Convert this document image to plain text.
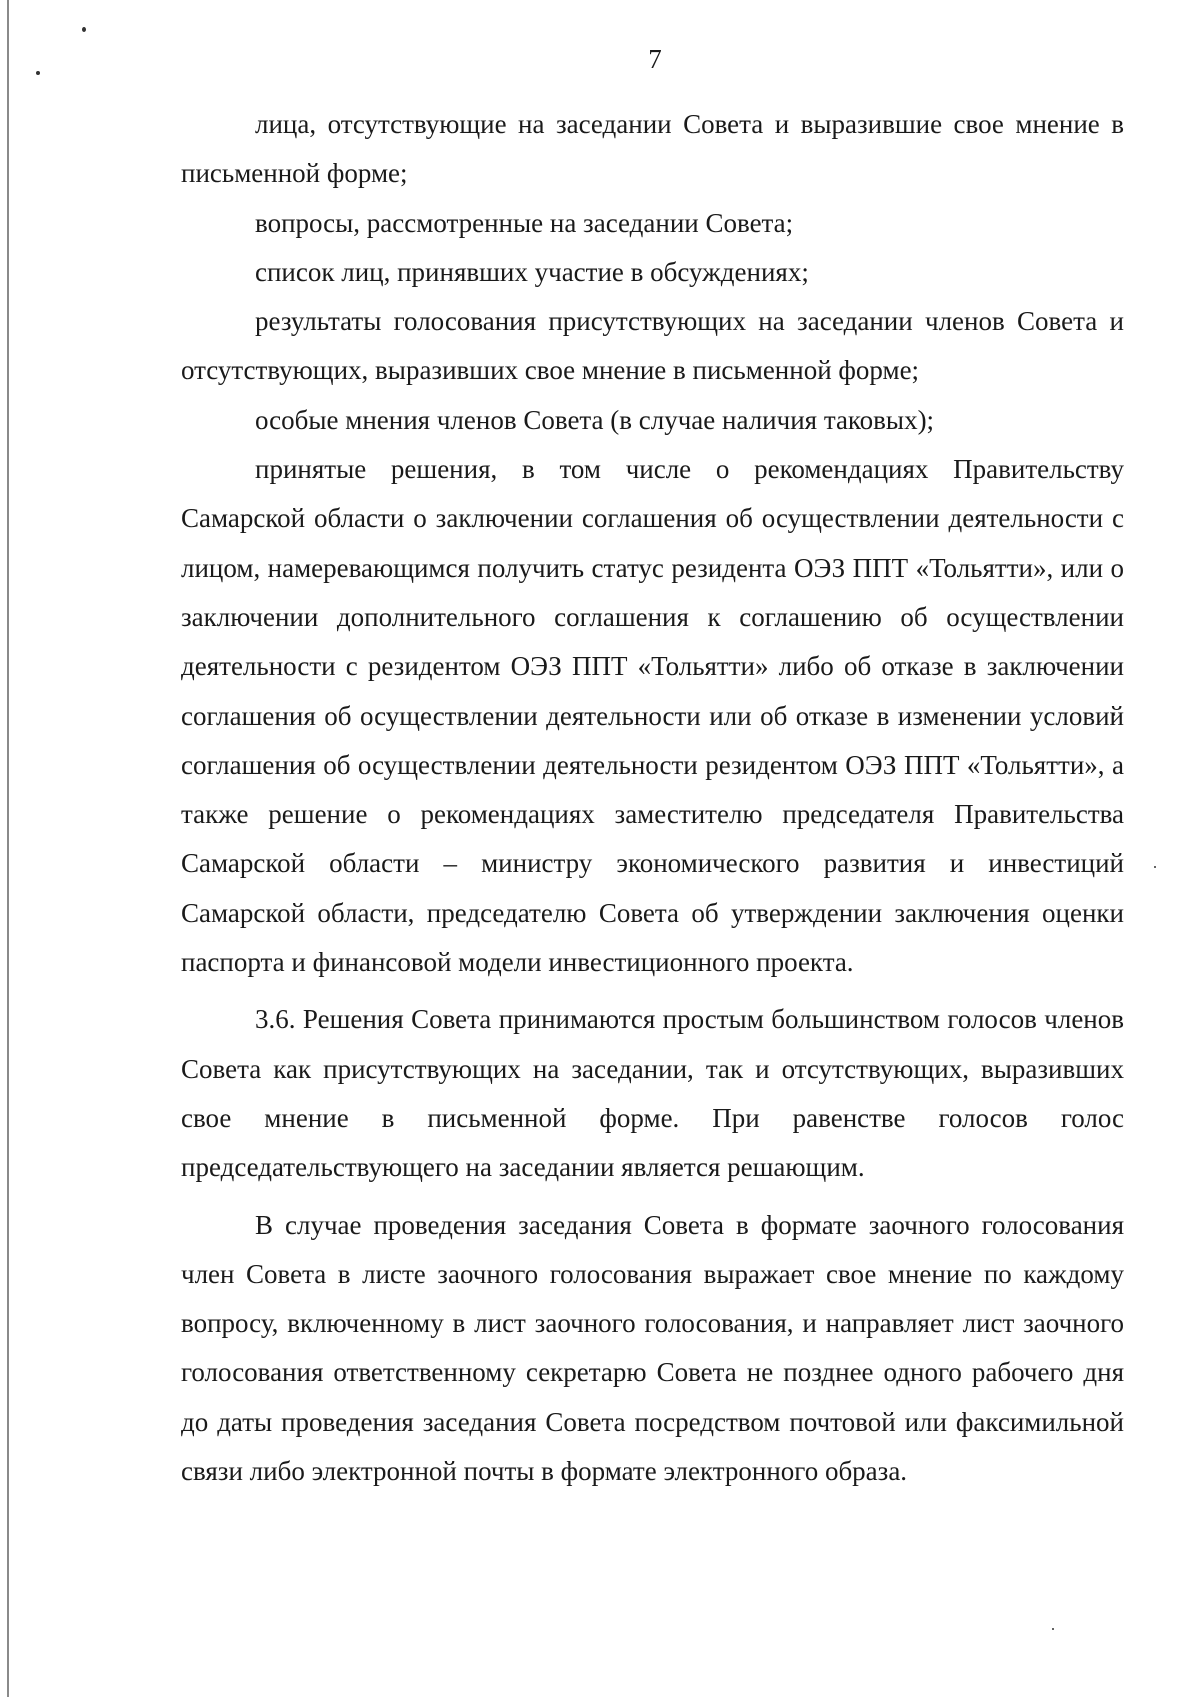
7

лица, отсутствующие на заседании Совета и выразившие свое мнение в письменной форме;

вопросы, рассмотренные на заседании Совета;

список лиц, принявших участие в обсуждениях;

результаты голосования присутствующих на заседании членов Совета и отсутствующих, выразивших свое мнение в письменной форме;

особые мнения членов Совета (в случае наличия таковых);

принятые решения, в том числе о рекомендациях Правительству Самарской области о заключении соглашения об осуществлении деятельности с лицом, намеревающимся получить статус резидента ОЭЗ ППТ «Тольятти», или о заключении дополнительного соглашения к соглашению об осуществлении деятельности с резидентом ОЭЗ ППТ «Тольятти» либо об отказе в заключении соглашения об осуществлении деятельности или об отказе в изменении условий соглашения об осуществлении деятельности резидентом ОЭЗ ППТ «Тольятти», а также решение о рекомендациях заместителю председателя Правительства Самарской области – министру экономического развития и инвестиций Самарской области, председателю Совета об утверждении заключения оценки паспорта и финансовой модели инвестиционного проекта.

3.6. Решения Совета принимаются простым большинством голосов членов Совета как присутствующих на заседании, так и отсутствующих, выразивших свое мнение в письменной форме. При равенстве голосов голос председательствующего на заседании является решающим.

В случае проведения заседания Совета в формате заочного голосования член Совета в листе заочного голосования выражает свое мнение по каждому вопросу, включенному в лист заочного голосования, и направляет лист заочного голосования ответственному секретарю Совета не позднее одного рабочего дня до даты проведения заседания Совета посредством почтовой или факсимильной связи либо электронной почты в формате электронного образа.
